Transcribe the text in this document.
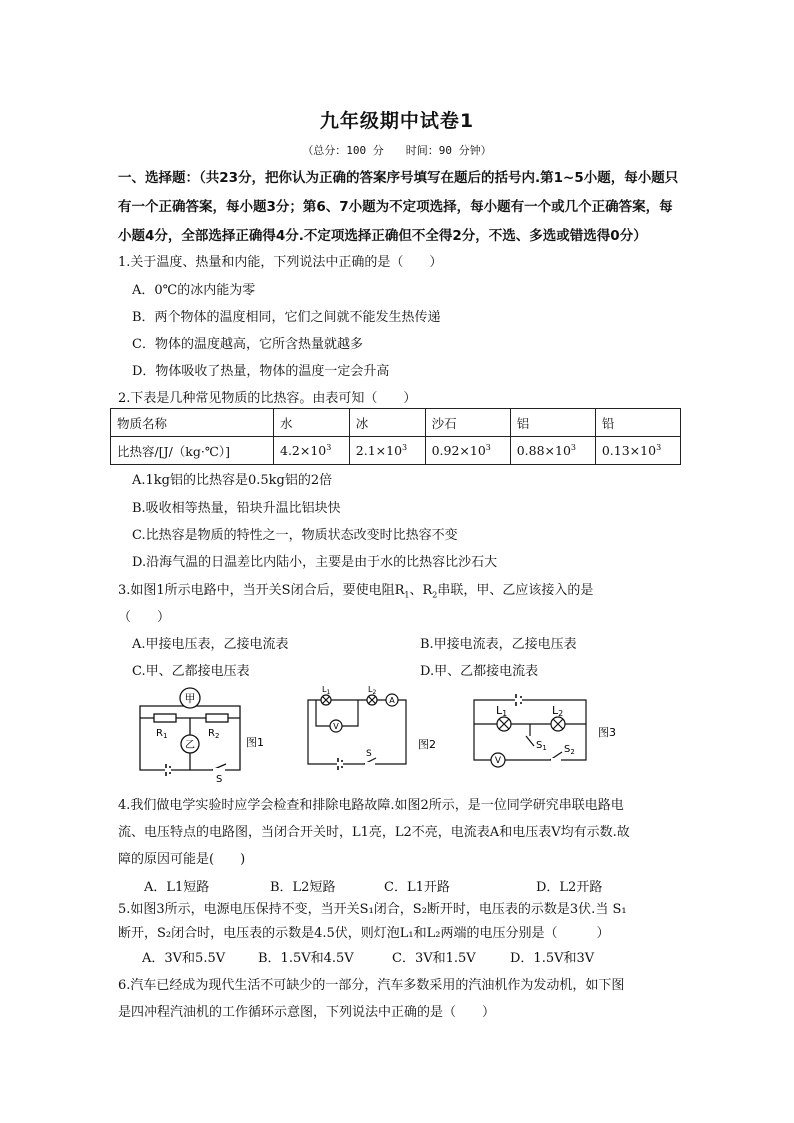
九年级期中试卷1
（总分：100 分　　时间：90 分钟）
一、选择题：（共23分，把你认为正确的答案序号填写在题后的括号内.第1~5小题，每小题只有一个正确答案，每小题3分；第6、7小题为不定项选择，每小题有一个或几个正确答案，每小题4分，全部选择正确得4分.不定项选择正确但不全得2分，不选、多选或错选得0分）
1.关于温度、热量和内能，下列说法中正确的是（　　）
A．0℃的冰内能为零
B．两个物体的温度相同，它们之间就不能发生热传递
C．物体的温度越高，它所含热量就越多
D．物体吸收了热量，物体的温度一定会升高
2.下表是几种常见物质的比热容。由表可知（　　）
物质名称	水	冰	沙石	铝	铅
比热容/[J/（kg·℃）]	$4.2\times 10^3$	$2.1\times 10^3$	$0.92\times 10^3$	$0.88\times 10^3$	$0.13\times 10^3$
A.1kg铝的比热容是0.5kg铝的2倍
B.吸收相等热量，铅块升温比铝块快
C.比热容是物质的特性之一，物质状态改变时比热容不变
D.沿海气温的日温差比内陆小，主要是由于水的比热容比沙石大
3.如图1所示电路中，当开关S闭合后，要使电阻$R_1$、$R_2$串联，甲、乙应该接入的是
（　　）
A.甲接电压表，乙接电流表	B.甲接电流表，乙接电压表
C.甲、乙都接电压表	D.甲、乙都接电流表
甲
乙
$R_1$	$R_2$
S
图1
$L_1$	$L_2$
A
V
S
图2
L1	L2
$S_1$ $S_2$
V
图3
4.我们做电学实验时应学会检查和排除电路故障.如图2所示，是一位同学研究串联电路电
流、电压特点的电路图，当闭合开关时，L1亮，L2不亮，电流表A和电压表V均有示数.故
障的原因可能是(　　)
A．L1短路	B．L2短路	C．L1开路	D．L2开路
5.如图3所示，电源电压保持不变，当开关S₁闭合，S₂断开时，电压表的示数是3伏.当 S₁
断开，S₂闭合时，电压表的示数是4.5伏，则灯泡L₁和L₂两端的电压分别是（　　　）
A．3V和5.5V	B．1.5V和4.5V	C．3V和1.5V	D．1.5V和3V
6.汽车已经成为现代生活不可缺少的一部分，汽车多数采用的汽油机作为发动机，如下图
是四冲程汽油机的工作循环示意图，下列说法中正确的是（　　）
